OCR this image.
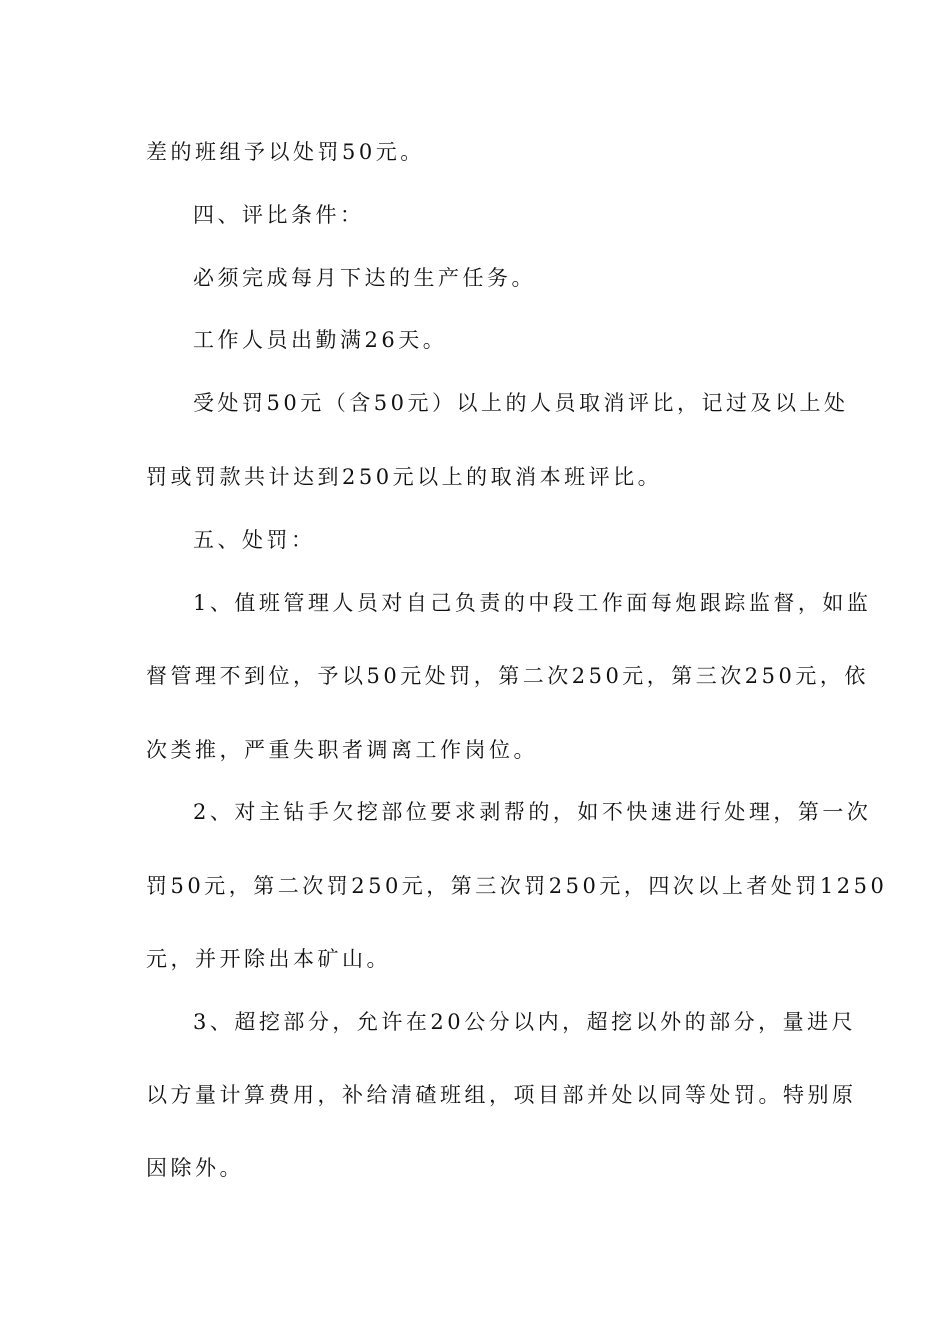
差的班组予以处罚50元。
四、评比条件：
必须完成每月下达的生产任务。
工作人员出勤满26天。
受处罚50元（含50元）以上的人员取消评比，记过及以上处
罚或罚款共计达到250元以上的取消本班评比。
五、处罚：
1、值班管理人员对自己负责的中段工作面每炮跟踪监督，如监
督管理不到位，予以50元处罚，第二次250元，第三次250元，依
次类推，严重失职者调离工作岗位。
2、对主钻手欠挖部位要求剥帮的，如不快速进行处理，第一次
罚50元，第二次罚250元，第三次罚250元，四次以上者处罚1250
元，并开除出本矿山。
3、超挖部分，允许在20公分以内，超挖以外的部分，量进尺
以方量计算费用，补给清碴班组，项目部并处以同等处罚。特别原
因除外。
